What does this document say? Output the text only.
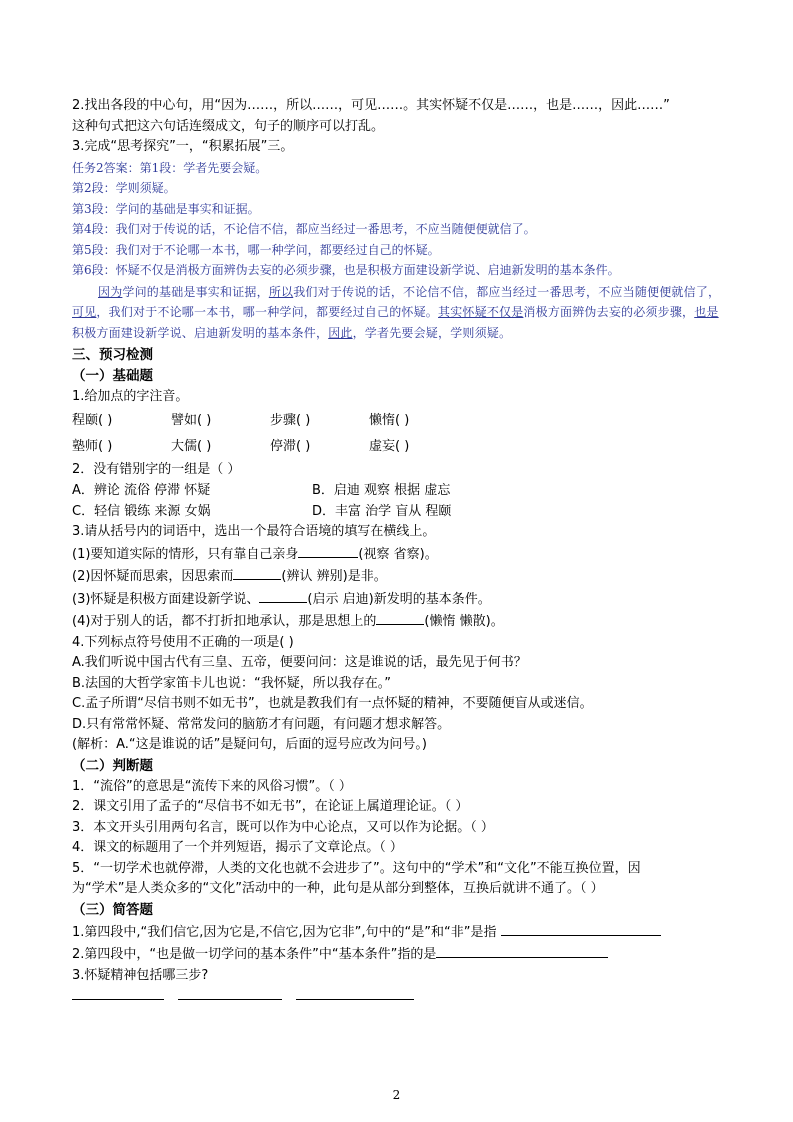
2.找出各段的中心句，用“因为……，所以……，可见……。其实怀疑不仅是……，也是……，因此……”
这种句式把这六句话连缀成文，句子的顺序可以打乱。
3.完成“思考探究”一，“积累拓展”三。
任务2答案：第1段：学者先要会疑。
第2段：学则须疑。
第3段：学问的基础是事实和证据。
第4段：我们对于传说的话，不论信不信，都应当经过一番思考，不应当随便便就信了。
第5段：我们对于不论哪一本书，哪一种学问，都要经过自己的怀疑。
第6段：怀疑不仅是消极方面辨伪去妄的必须步骤，也是积极方面建设新学说、启迪新发明的基本条件。
因为学问的基础是事实和证据，所以我们对于传说的话，不论信不信，都应当经过一番思考，不应当随便便就信了，可见，我们对于不论哪一本书，哪一种学问，都要经过自己的怀疑。其实怀疑不仅是消极方面辨伪去妄的必须步骤，也是积极方面建设新学说、启迪新发明的基本条件，因此，学者先要会疑，学则须疑。
三、预习检测
（一）基础题
1.给加点的字注音。
程颐( )	譬如( )	步骤( )	懒惰( )
塾师( )	大儒( )	停滞( )	虚妄( )
2．没有错别字的一组是（ ）
A．辨论 流俗 停滞 怀疑	B．启迪 观察 根据 虚忘
C．轻信 锻练 来源 女娲	D．丰富 治学 盲从 程颐
3.请从括号内的词语中，选出一个最符合语境的填写在横线上。
(1)要知道实际的情形，只有靠自己亲身	(视察 省察)。
(2)因怀疑而思索，因思索而	(辨认 辨别)是非。
(3)怀疑是积极方面建设新学说、	(启示 启迪)新发明的基本条件。
(4)对于别人的话，都不打折扣地承认，那是思想上的	(懒惰 懒散)。
4.下列标点符号使用不正确的一项是( )
A.我们听说中国古代有三皇、五帝，便要问问：这是谁说的话，最先见于何书？
B.法国的大哲学家笛卡儿也说：“我怀疑，所以我存在。”
C.孟子所谓“尽信书则不如无书”，也就是教我们有一点怀疑的精神，不要随便盲从或迷信。
D.只有常常怀疑、常常发问的脑筋才有问题，有问题才想求解答。
(解析：A.“这是谁说的话”是疑问句，后面的逗号应改为问号。)
（二）判断题
1．“流俗”的意思是“流传下来的风俗习惯”。（ ）
2．课文引用了孟子的“尽信书不如无书”，在论证上属道理论证。（ ）
3．本文开头引用两句名言，既可以作为中心论点，又可以作为论据。（ ）
4．课文的标题用了一个并列短语，揭示了文章论点。（ ）
5．“一切学术也就停滞，人类的文化也就不会进步了”。这句中的“学术”和“文化”不能互换位置，因
为“学术”是人类众多的“文化”活动中的一种，此句是从部分到整体，互换后就讲不通了。（ ）
（三）简答题
1.第四段中,“我们信它,因为它是,不信它,因为它非”,句中的“是”和“非”是指
2.第四段中，“也是做一切学问的基本条件”中“基本条件”指的是
3.怀疑精神包括哪三步?
2
